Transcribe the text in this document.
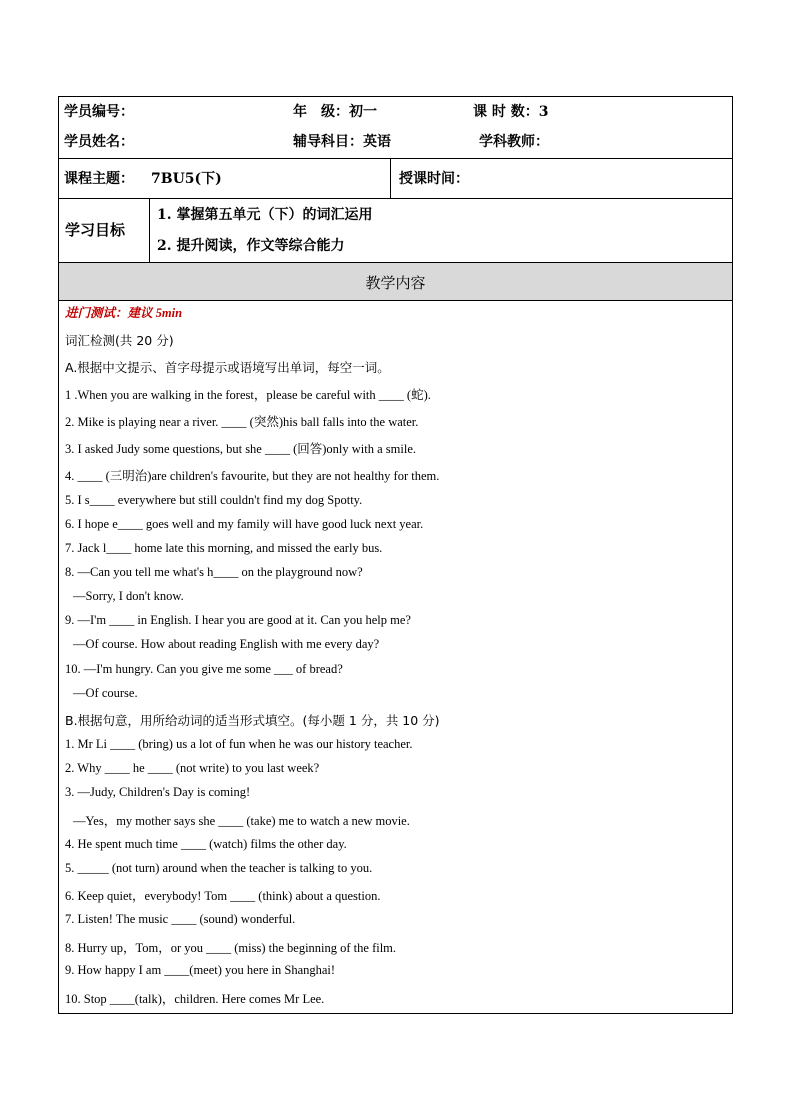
学员编号：	年　级：初一	课 时 数：3
学员姓名：	辅导科目：英语	学科教师：
课程主题： 7BU5(下)	授课时间：
学习目标
1. 掌握第五单元（下）的词汇运用
2. 提升阅读，作文等综合能力
教学内容
进门测试：建议 5min
词汇检测(共 20 分)
A.根据中文提示、首字母提示或语境写出单词，每空一词。
1 .When you are walking in the forest，please be careful with ____ (蛇).
2. Mike is playing near a river. ____ (突然)his ball falls into the water.
3. I asked Judy some questions, but she ____ (回答)only with a smile.
4. ____ (三明治)are children's favourite, but they are not healthy for them.
5. I s____ everywhere but still couldn't find my dog Spotty.
6. I hope e____ goes well and my family will have good luck next year.
7. Jack l____ home late this morning, and missed the early bus.
8. —Can you tell me what's h____ on the playground now?
—Sorry, I don't know.
9. —I'm ____ in English. I hear you are good at it. Can you help me?
—Of course. How about reading English with me every day?
10. —I'm hungry. Can you give me some ___ of bread?
—Of course.
B.根据句意，用所给动词的适当形式填空。(每小题 1 分，共 10 分)
1. Mr Li ____ (bring) us a lot of fun when he was our history teacher.
2. Why ____ he ____ (not write) to you last week?
3. —Judy, Children's Day is coming!
—Yes，my mother says she ____ (take) me to watch a new movie.
4. He spent much time ____ (watch) films the other day.
5. _____ (not turn) around when the teacher is talking to you.
6. Keep quiet，everybody! Tom ____ (think) about a question.
7. Listen! The music ____ (sound) wonderful.
8. Hurry up，Tom，or you ____ (miss) the beginning of the film.
9. How happy I am ____(meet) you here in Shanghai!
10. Stop ____(talk)，children. Here comes Mr Lee.
